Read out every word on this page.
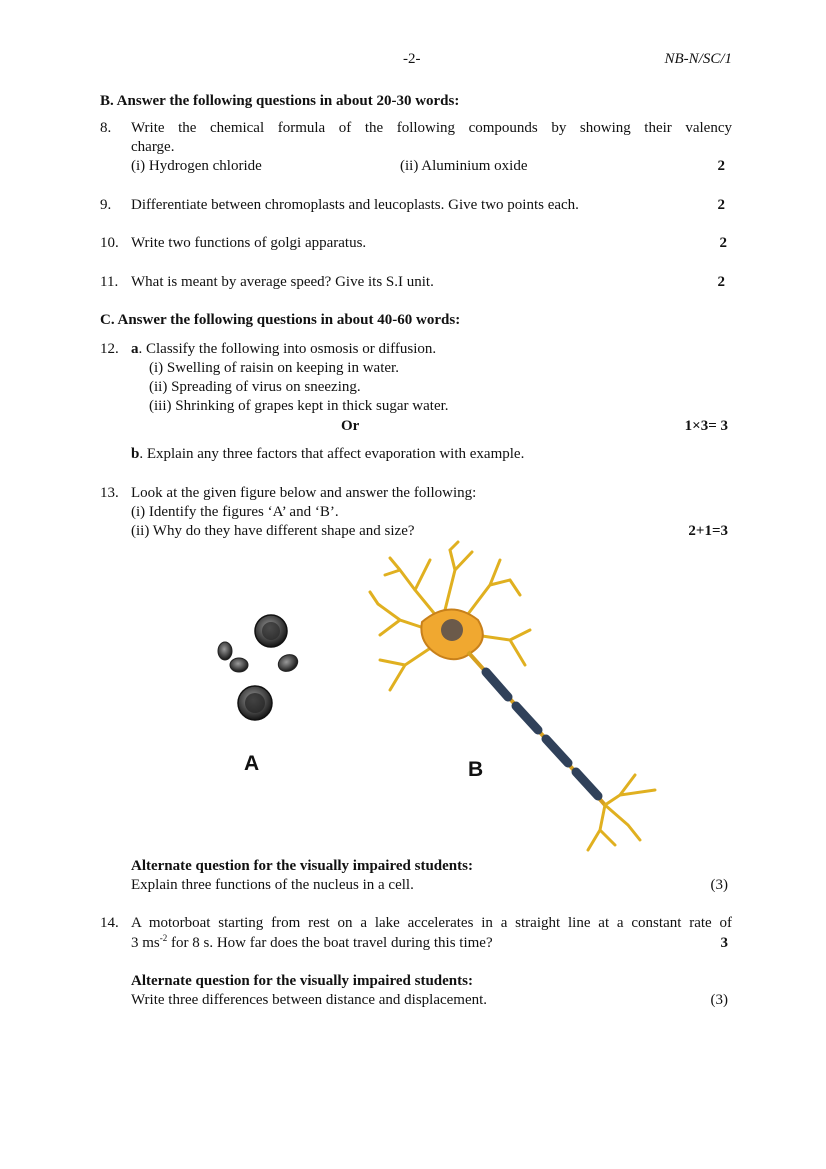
-2-	NB-N/SC/1
B. Answer the following questions in about 20-30 words:
8. Write the chemical formula of the following compounds by showing their valency
charge.
(i) Hydrogen chloride	(ii) Aluminium oxide	2
9. Differentiate between chromoplasts and leucoplasts. Give two points each.	2
10. Write two functions of golgi apparatus.	2
11. What is meant by average speed? Give its S.I unit.	2
C. Answer the following questions in about 40-60 words:
12. a. Classify the following into osmosis or diffusion.
(i) Swelling of raisin on keeping in water.
(ii) Spreading of virus on sneezing.
(iii) Shrinking of grapes kept in thick sugar water.
Or	1×3= 3
b. Explain any three factors that affect evaporation with example.
13. Look at the given figure below and answer the following:
(i) Identify the figures ‘A’ and ‘B’.
(ii) Why do they have different shape and size?	2+1=3
A	B
Alternate question for the visually impaired students:
Explain three functions of the nucleus in a cell.	(3)
14. A motorboat starting from rest on a lake accelerates in a straight line at a constant rate of
3 $ms^{-2}$ for 8 s. How far does the boat travel during this time?	3
Alternate question for the visually impaired students:
Write three differences between distance and displacement.	(3)
